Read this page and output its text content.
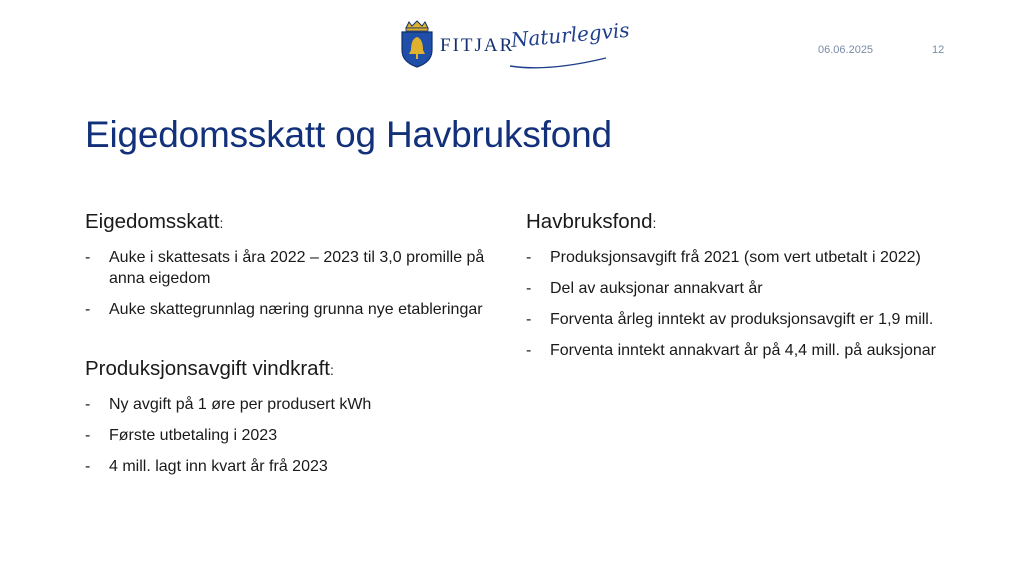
FITJAR
Naturlegvis	06.06.2025	12
Eigedomsskatt og Havbruksfond

Eigedomsskatt:

- Auke i skattesats i åra 2022 – 2023 til 3,0 promille på anna eigedom
- Auke skattegrunnlag næring grunna nye etableringar

Produksjonsavgift vindkraft:

- Ny avgift på 1 øre per produsert kWh
- Første utbetaling i 2023
- 4 mill. lagt inn kvart år frå 2023

Havbruksfond:

- Produksjonsavgift frå 2021 (som vert utbetalt i 2022)
- Del av auksjonar annakvart år
- Forventa årleg inntekt av produksjonsavgift er 1,9 mill.
- Forventa inntekt annakvart år på 4,4 mill. på auksjonar
